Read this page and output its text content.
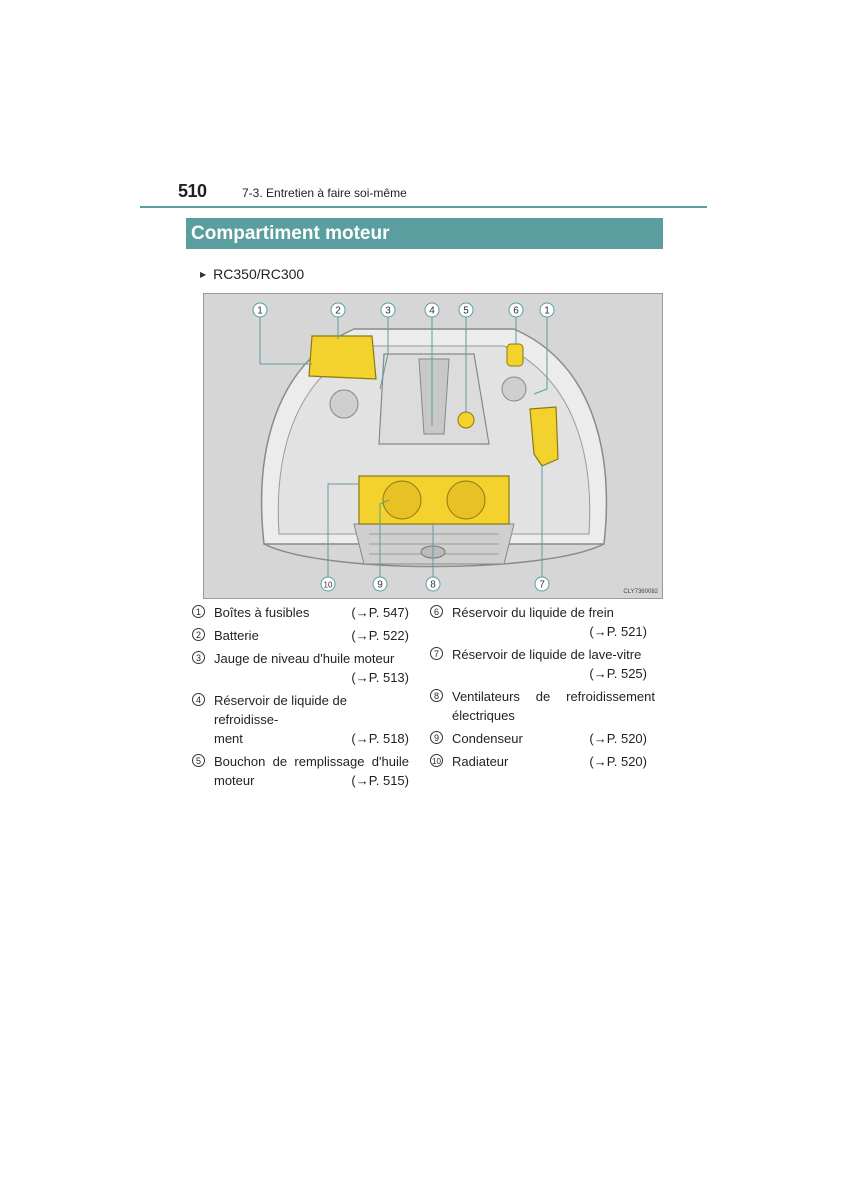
510	7-3. Entretien à faire soi-même
Compartiment moteur
▶ RC350/RC300
1	2	3	4	5	6	1
10	9	8	7
CLY7360082
1	Boîtes à fusibles	(→P. 547)
2	Batterie	(→P. 522)
3	Jauge de niveau d'huile moteur
(→P. 513)
4	Réservoir de liquide de refroidisse-
ment	(→P. 518)
5	Bouchon de remplissage d'huile
moteur	(→P. 515)
6	Réservoir du liquide de frein
(→P. 521)
7	Réservoir de liquide de lave-vitre
(→P. 525)
8	Ventilateurs de refroidissement
électriques
9	Condenseur	(→P. 520)
10 Radiateur	(→P. 520)
